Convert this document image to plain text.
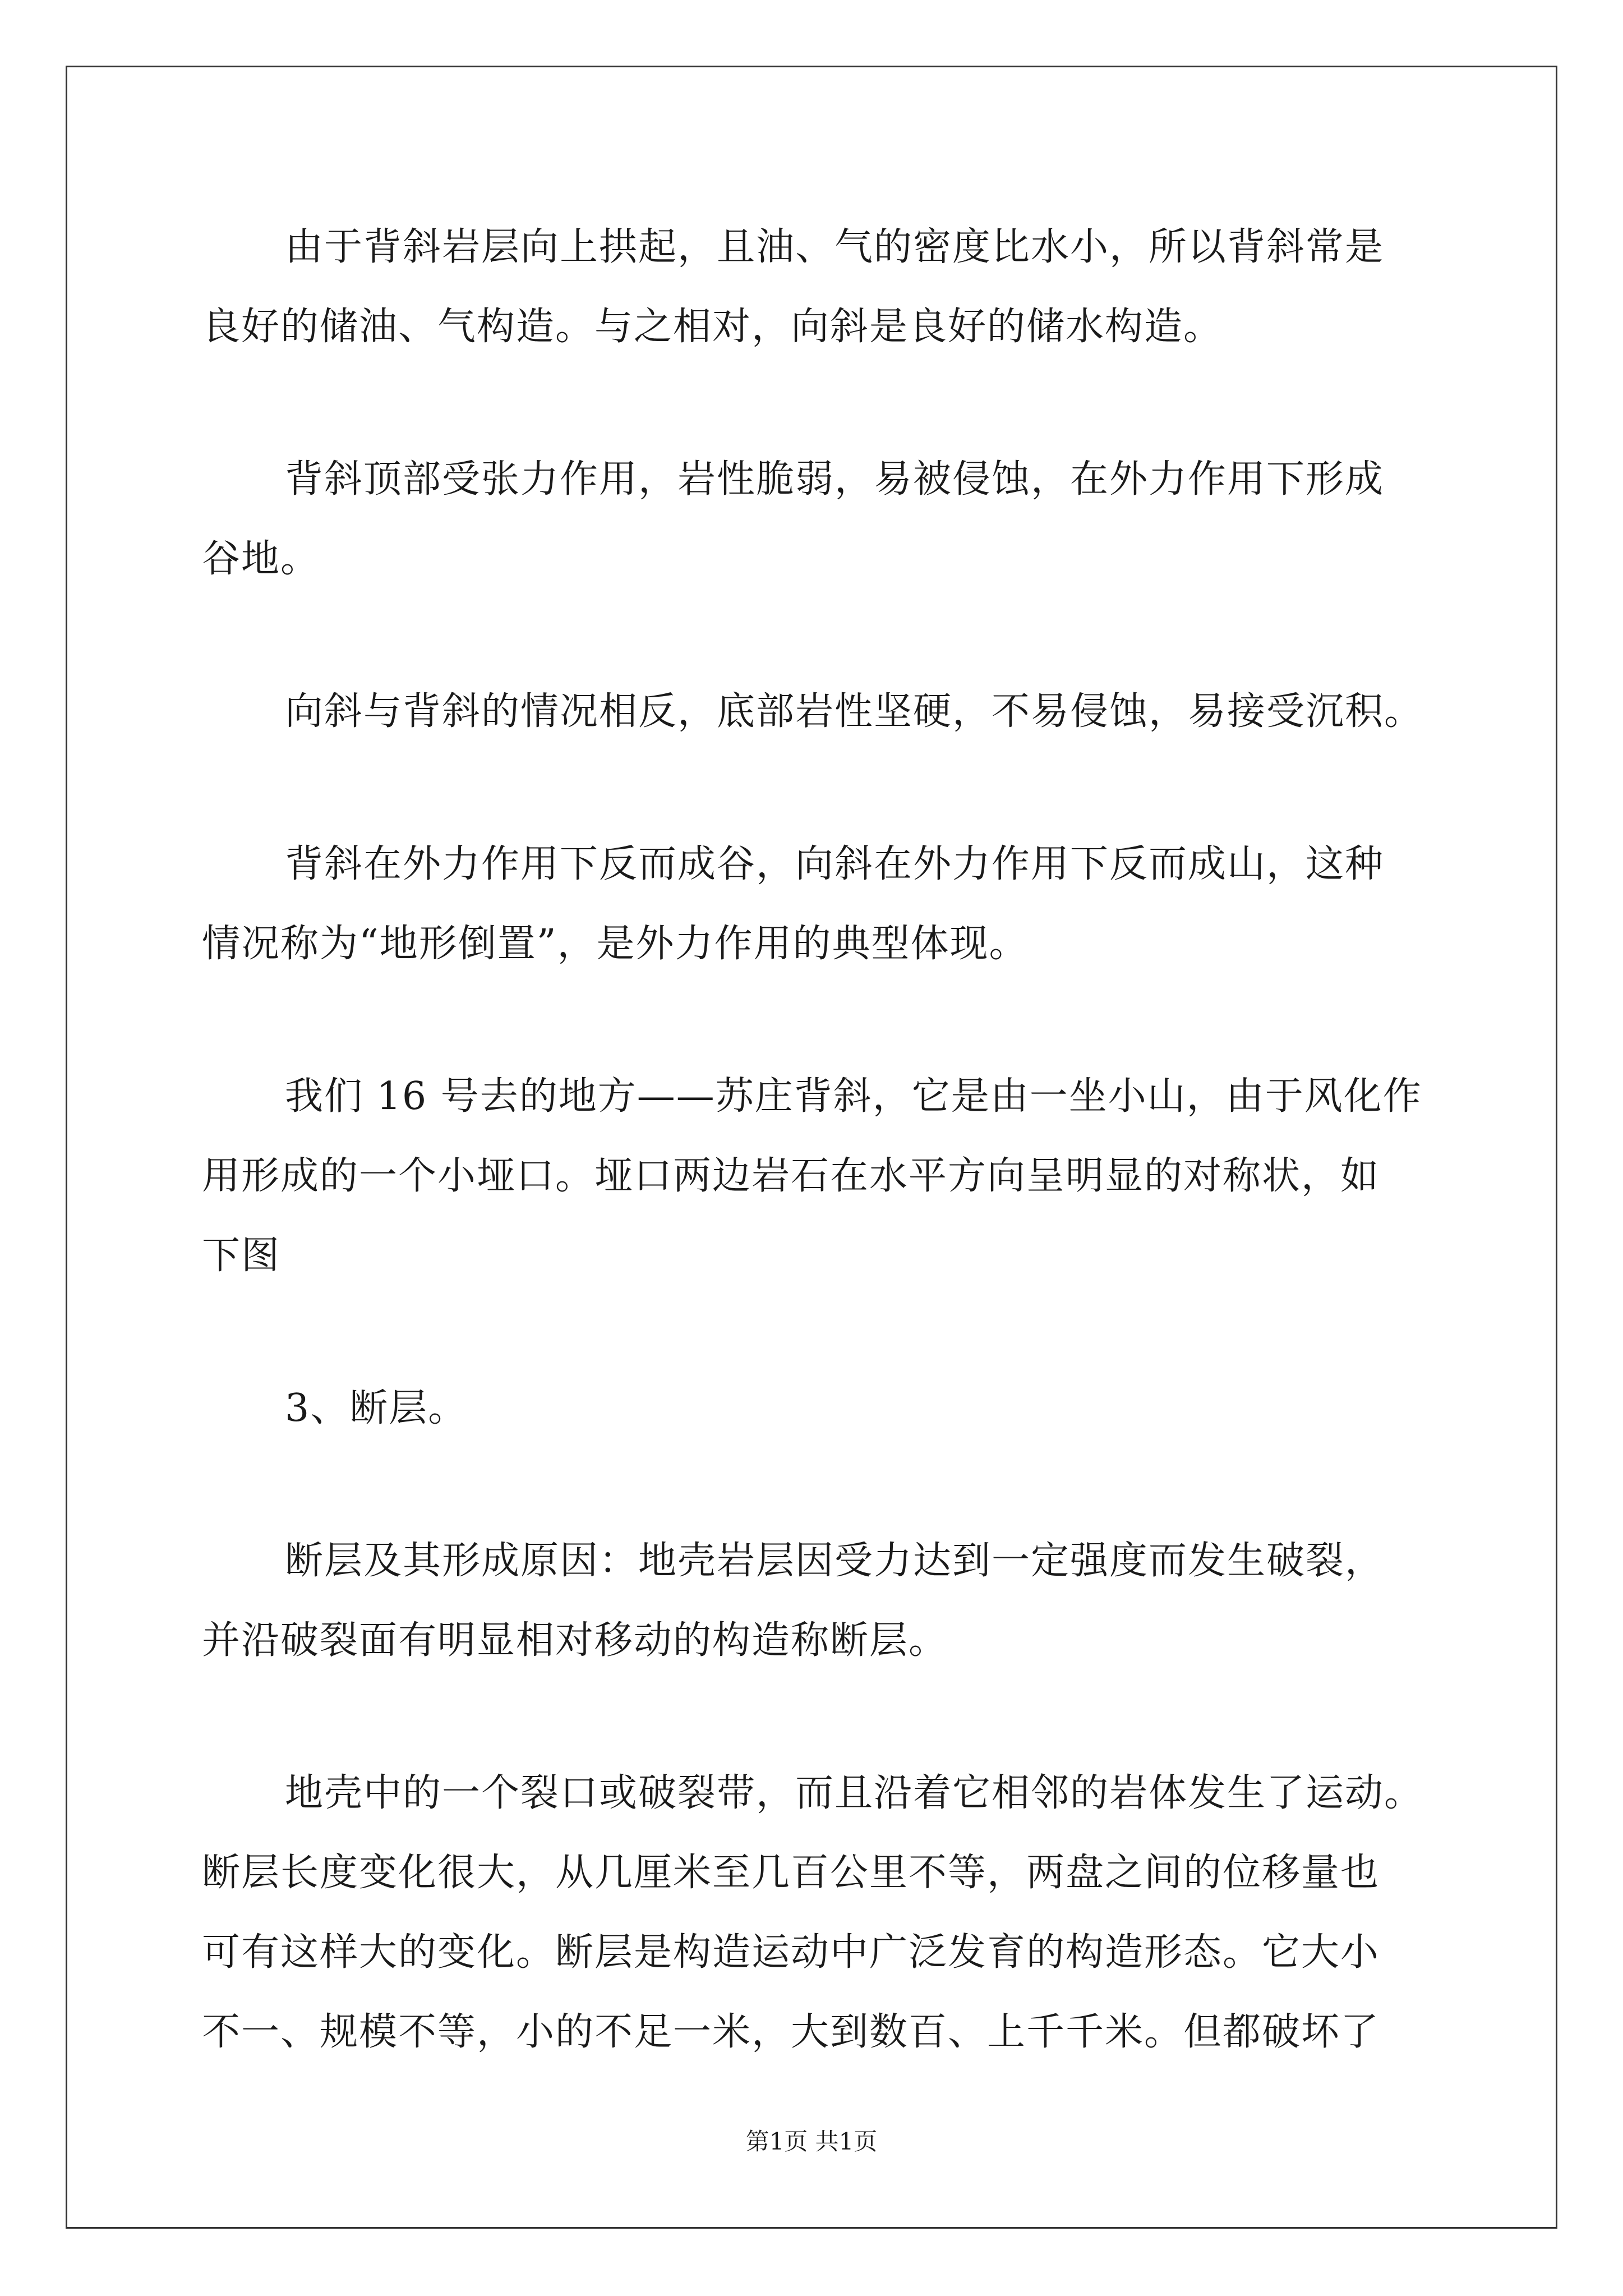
由于背斜岩层向上拱起，且油、气的密度比水小，所以背斜常是
良好的储油、气构造。与之相对，向斜是良好的储水构造。
背斜顶部受张力作用，岩性脆弱，易被侵蚀，在外力作用下形成
谷地。
向斜与背斜的情况相反，底部岩性坚硬，不易侵蚀，易接受沉积。
背斜在外力作用下反而成谷，向斜在外力作用下反而成山，这种
情况称为“地形倒置”，是外力作用的典型体现。
我们 16 号去的地方——苏庄背斜，它是由一坐小山，由于风化作
用形成的一个小垭口。垭口两边岩石在水平方向呈明显的对称状，如
下图
3、断层。
断层及其形成原因：地壳岩层因受力达到一定强度而发生破裂，
并沿破裂面有明显相对移动的构造称断层。
地壳中的一个裂口或破裂带，而且沿着它相邻的岩体发生了运动。
断层长度变化很大，从几厘米至几百公里不等，两盘之间的位移量也
可有这样大的变化。断层是构造运动中广泛发育的构造形态。它大小
不一、规模不等，小的不足一米，大到数百、上千千米。但都破坏了
第1页 共1页
